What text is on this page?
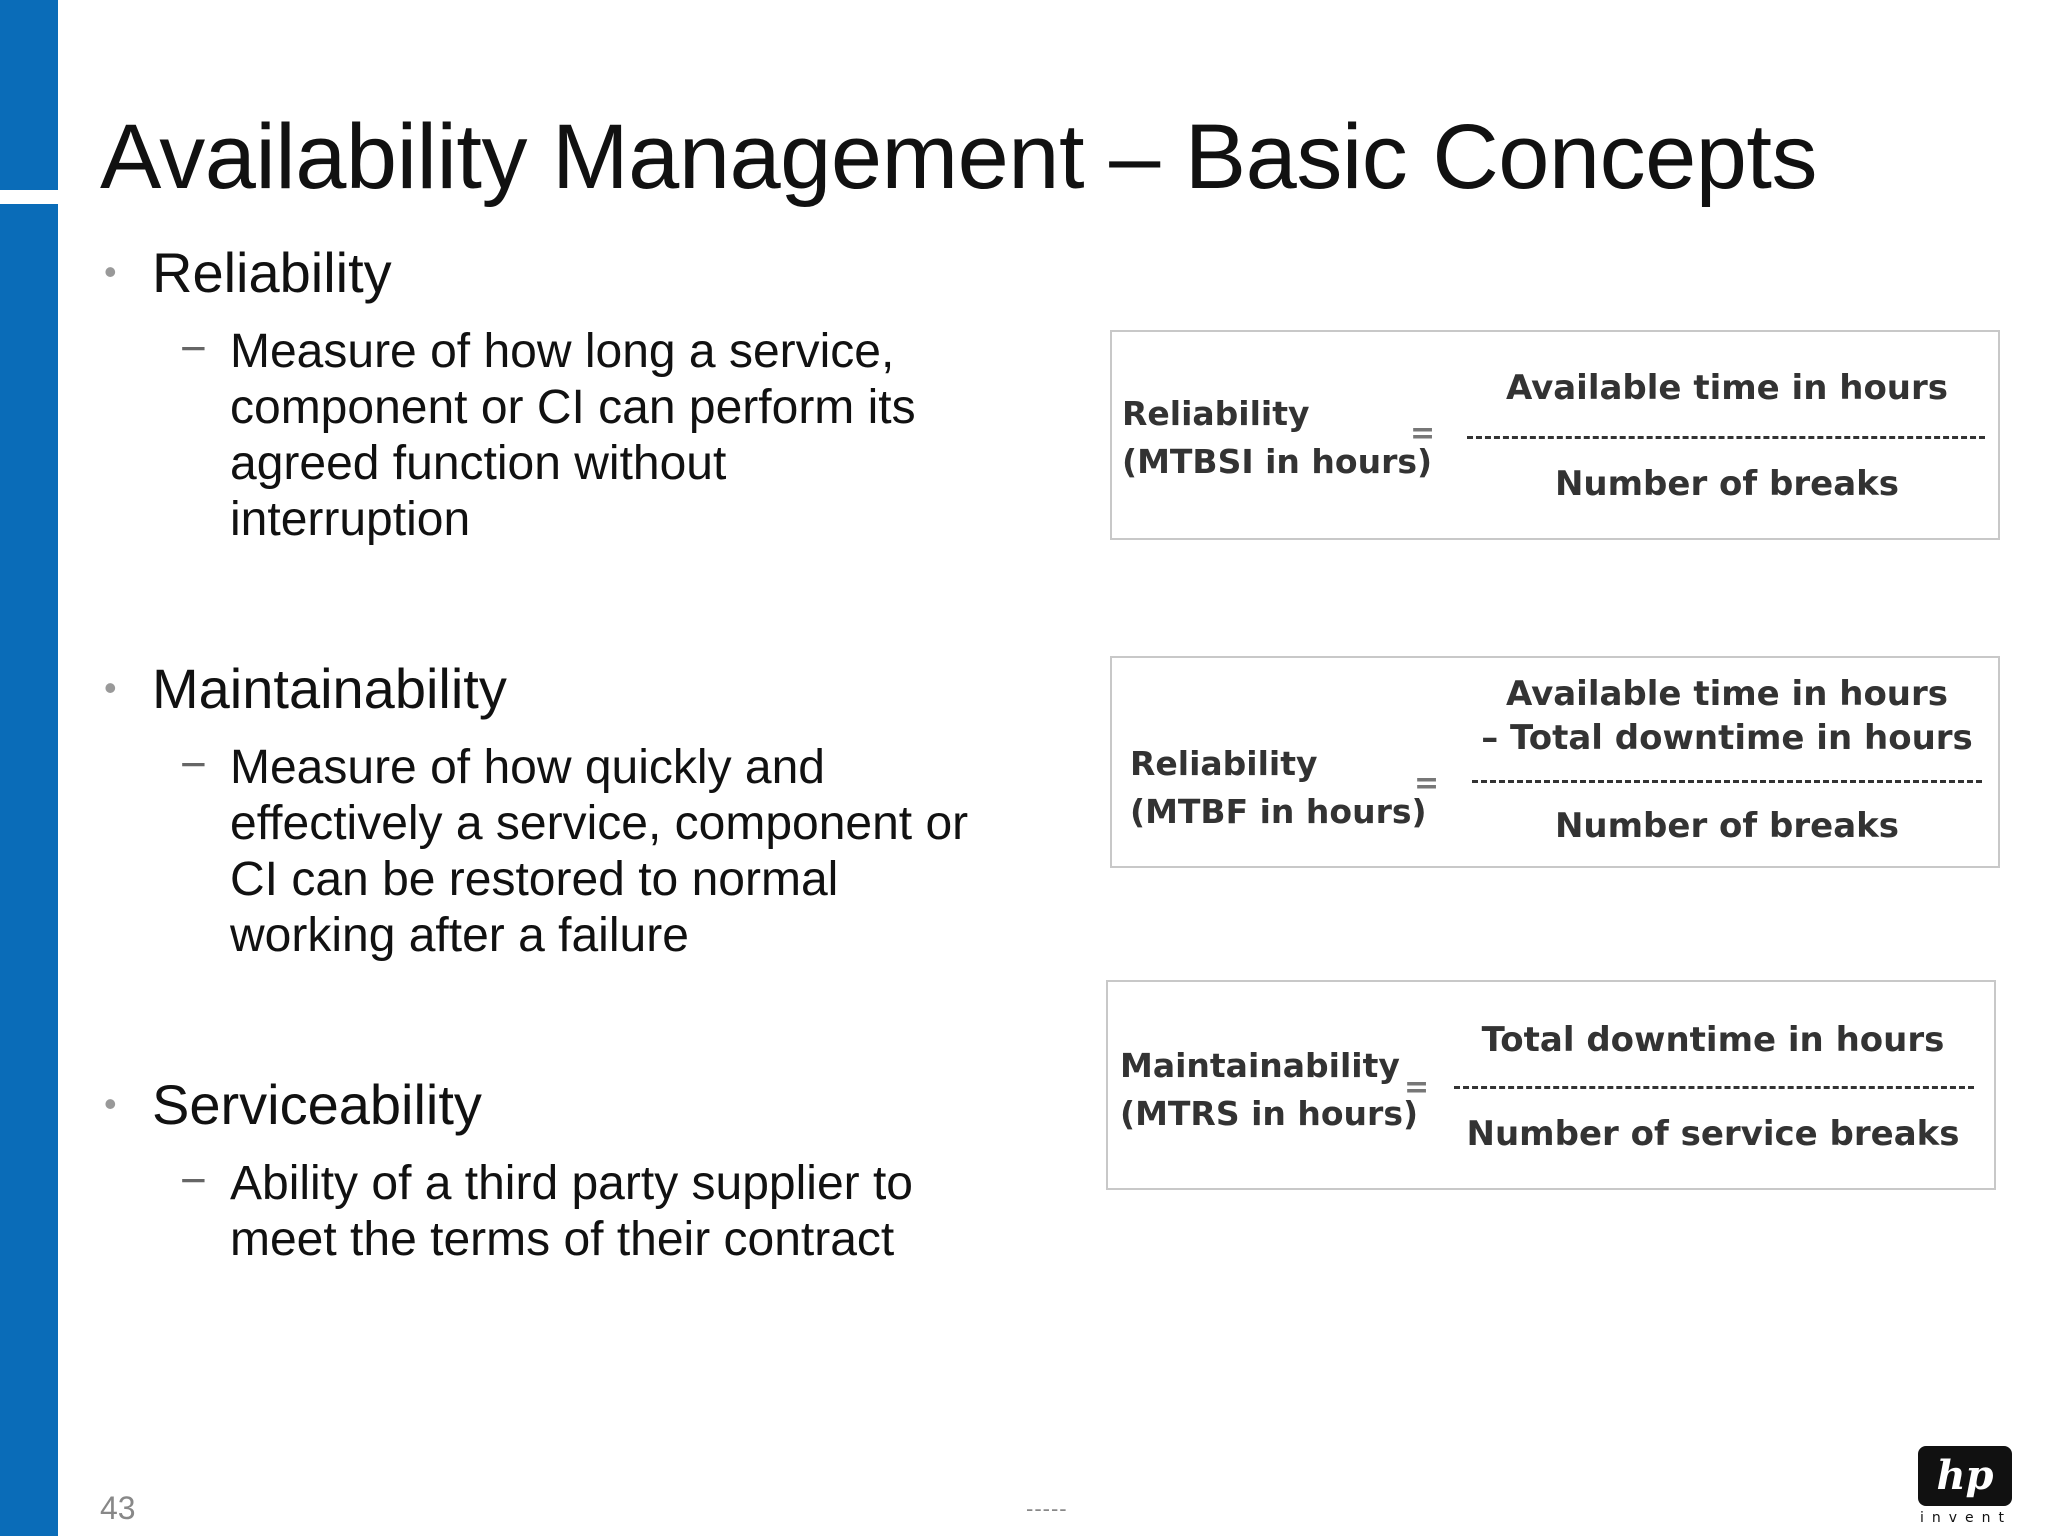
Availability Management – Basic Concepts
• Reliability
− Measure of how long a service,
component or CI can perform its
agreed function without
interruption
• Maintainability
− Measure of how quickly and
effectively a service, component or
CI can be restored to normal
working after a failure
• Serviceability
− Ability of a third party supplier to
meet the terms of their contract
Reliability
(MTBSI in hours)
=
Available time in hours
Number of breaks
Reliability
(MTBF in hours)
=
Available time in hours
– Total downtime in hours
Number of breaks
Maintainability
(MTRS in hours)
=
Total downtime in hours
Number of service breaks
43	-----
hp
invent
